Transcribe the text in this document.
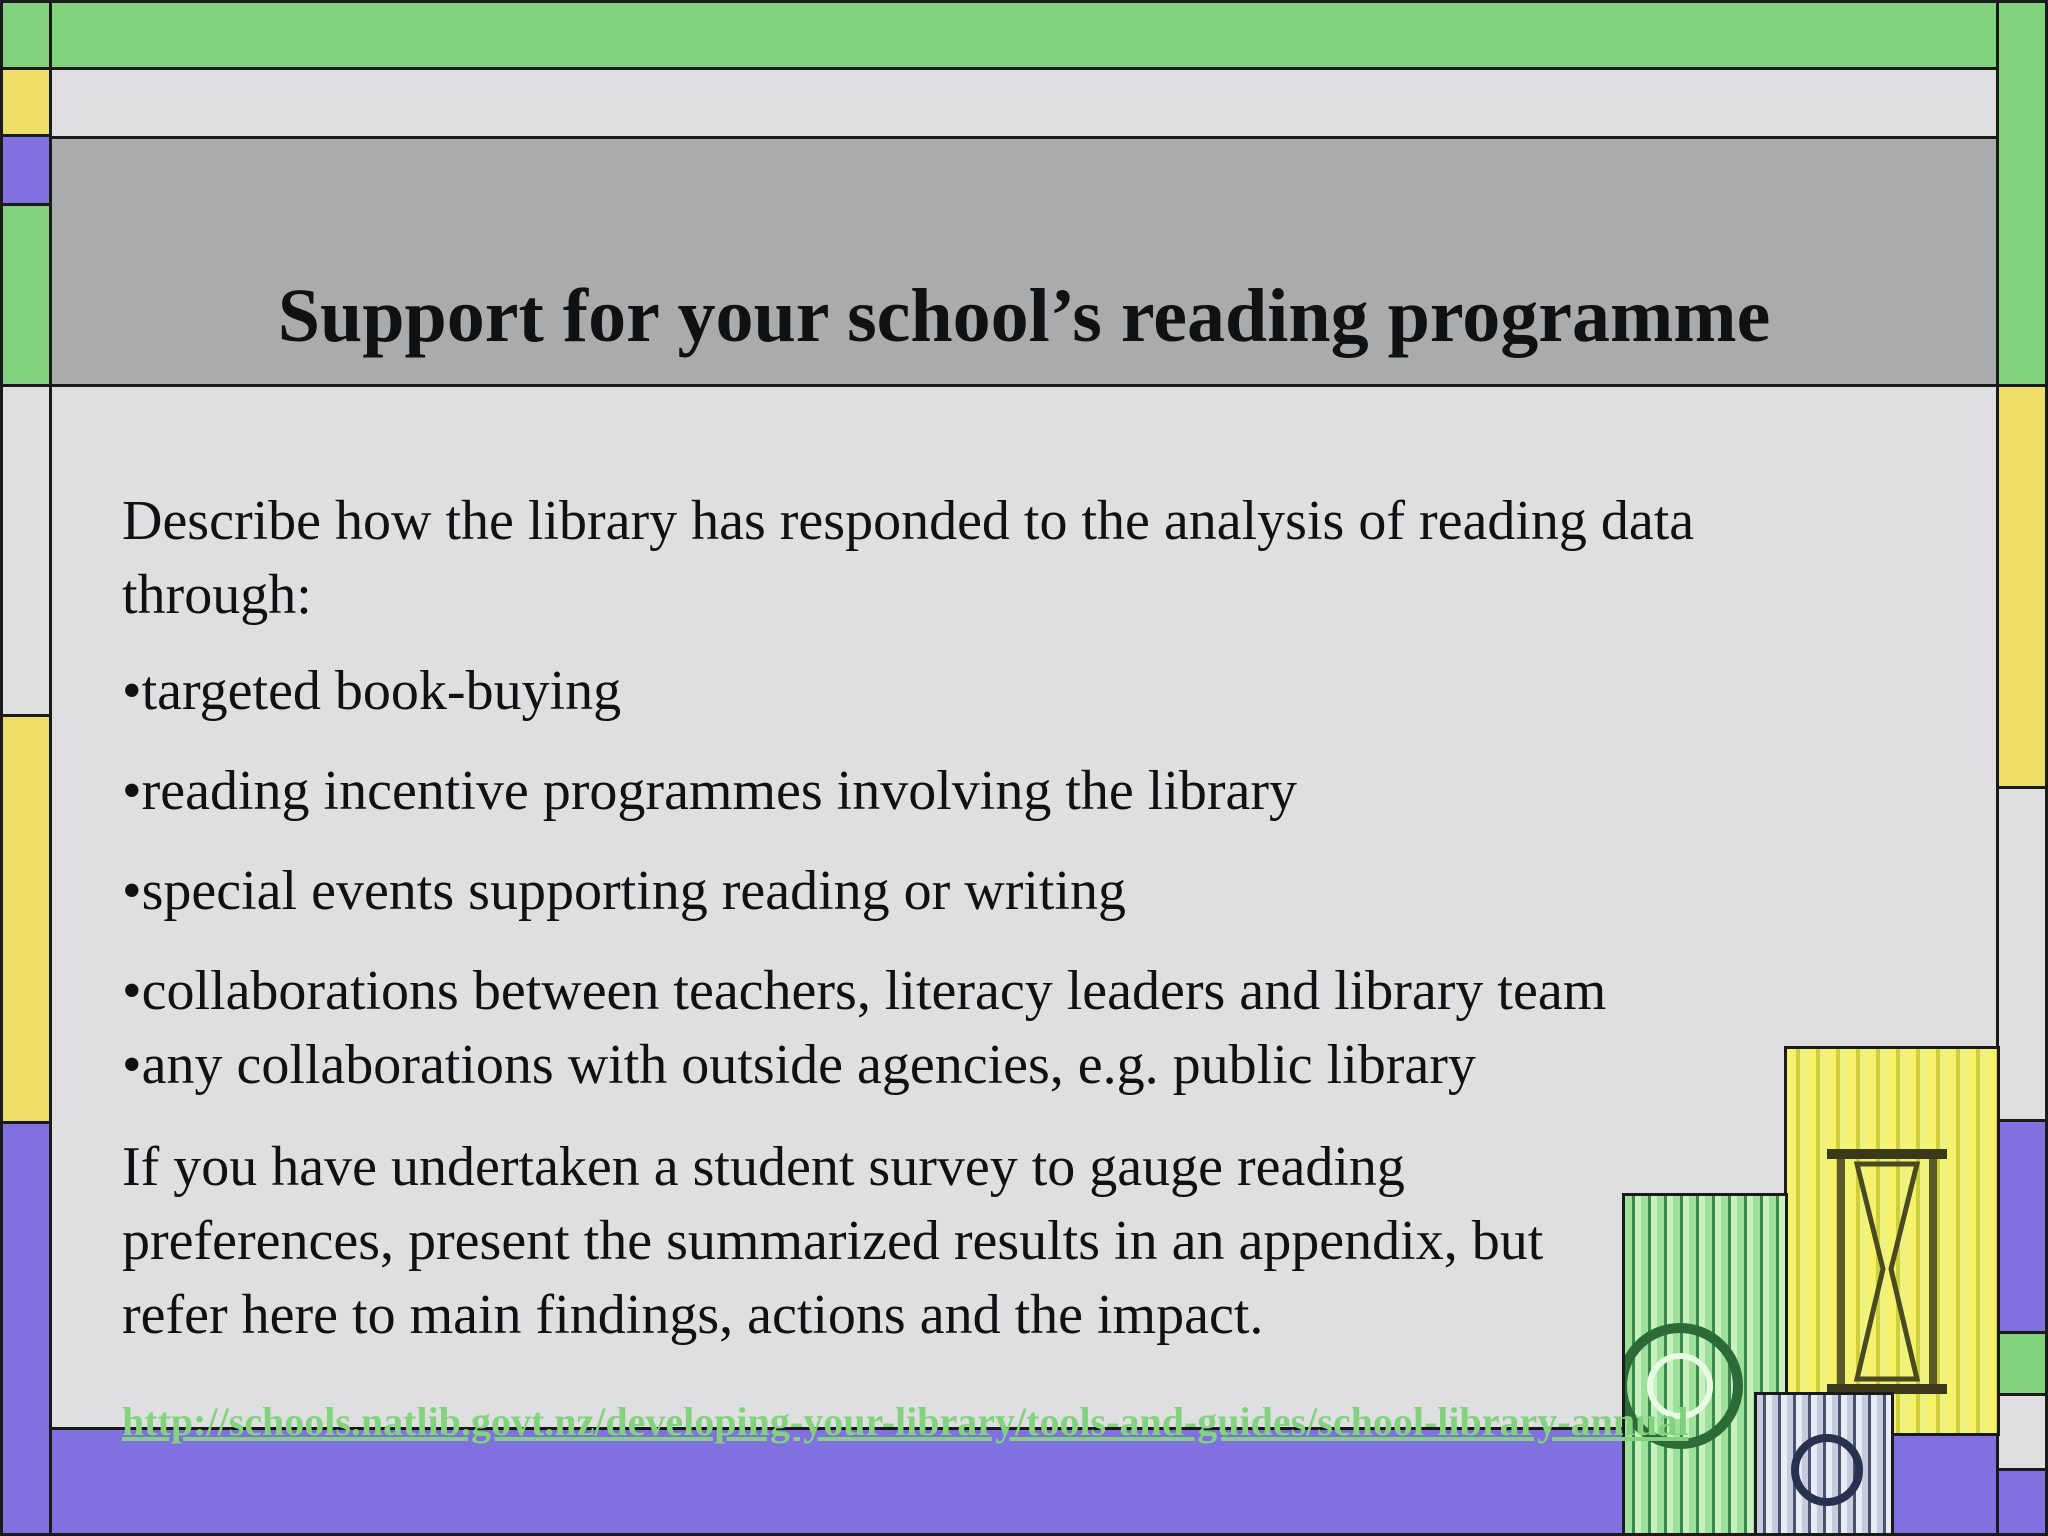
Support for your school’s reading programme

Describe how the library has responded to the analysis of reading data through:

•targeted book-buying

•reading incentive programmes involving the library

•special events supporting reading or writing

•collaborations between teachers, literacy leaders and library team

•any collaborations with outside agencies, e.g. public library

If you have undertaken a student survey to gauge reading preferences, present the summarized results in an appendix, but refer here to main findings, actions and the impact.

http://schools.natlib.govt.nz/developing-your-library/tools-and-guides/school-library-annual
